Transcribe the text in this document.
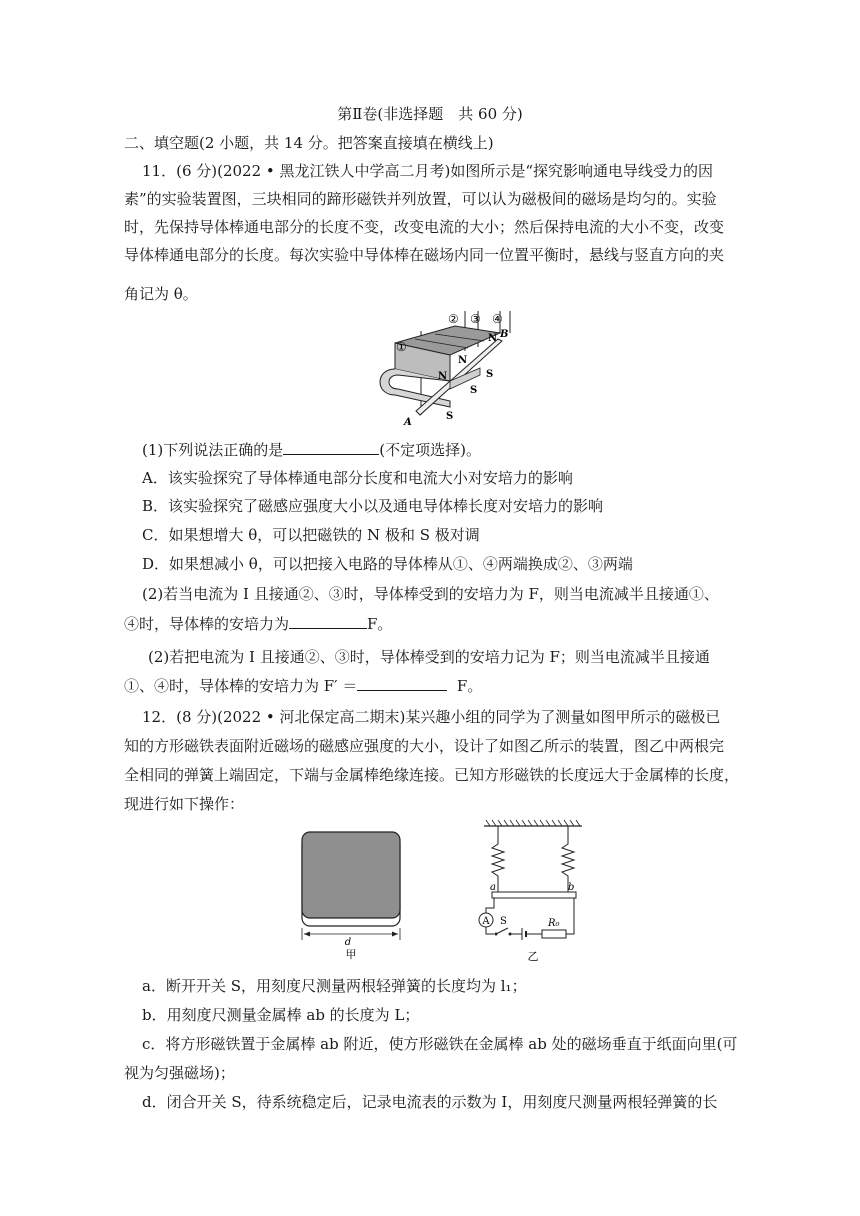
第Ⅱ卷(非选择题　共 60 分)
二、填空题(2 小题，共 14 分。把答案直接填在横线上)
11．(6 分)(2022 • 黑龙江铁人中学高二月考)如图所示是“探究影响通电导线受力的因
素”的实验装置图，三块相同的蹄形磁铁并列放置，可以认为磁极间的磁场是均匀的。实验
时，先保持导体棒通电部分的长度不变，改变电流的大小；然后保持电流的大小不变，改变
导体棒通电部分的长度。每次实验中导体棒在磁场内同一位置平衡时，悬线与竖直方向的夹
角记为 θ。
①
② ③ ④
N
N
N
S
S
S
A
B
(1)下列说法正确的是	(不定项选择)。
A．该实验探究了导体棒通电部分长度和电流大小对安培力的影响
B．该实验探究了磁感应强度大小以及通电导体棒长度对安培力的影响
C．如果想增大 θ，可以把磁铁的 N 极和 S 极对调
D．如果想减小 θ，可以把接入电路的导体棒从①、④两端换成②、③两端
(2)若当电流为 I 且接通②、③时，导体棒受到的安培力为 F，则当电流减半且接通①、
④时，导体棒的安培力为	F。
(2)若把电流为 I 且接通②、③时，导体棒受到的安培力记为 F；则当电流减半且接通
①、④时，导体棒的安培力为 F′ ＝	F。
12．(8 分)(2022 • 河北保定高二期末)某兴趣小组的同学为了测量如图甲所示的磁极已
知的方形磁铁表面附近磁场的磁感应强度的大小，设计了如图乙所示的装置，图乙中两根完
全相同的弹簧上端固定，下端与金属棒绝缘连接。已知方形磁铁的长度远大于金属棒的长度，
现进行如下操作：
d
甲
a	b
A S	R₀
乙
a．断开开关 S，用刻度尺测量两根轻弹簧的长度均为 l₁；
b．用刻度尺测量金属棒 ab 的长度为 L；
c．将方形磁铁置于金属棒 ab 附近，使方形磁铁在金属棒 ab 处的磁场垂直于纸面向里(可
视为匀强磁场)；
d．闭合开关 S，待系统稳定后，记录电流表的示数为 I，用刻度尺测量两根轻弹簧的长
